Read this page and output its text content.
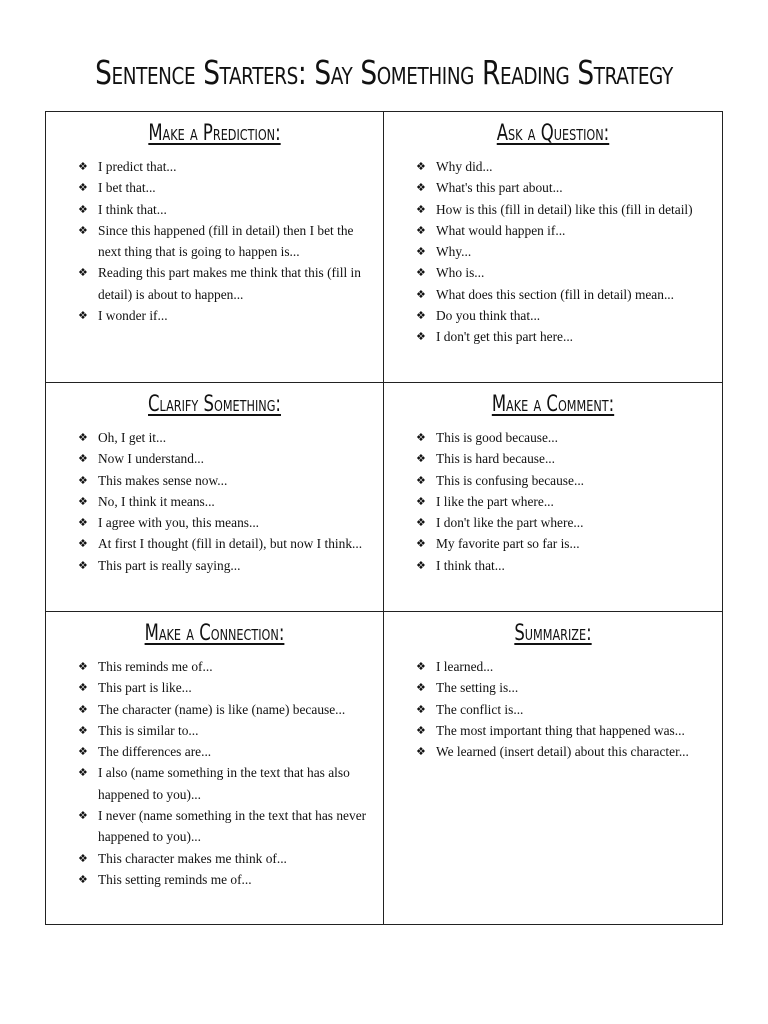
Sentence Starters: Say Something Reading Strategy
Make a Prediction:
❖ I predict that...
❖ I bet that...
❖ I think that...
❖ Since this happened (fill in detail) then I bet the next thing that is going to happen is...
❖ Reading this part makes me think that this (fill in detail) is about to happen...
❖ I wonder if...
Ask a Question:
❖ Why did...
❖ What's this part about...
❖ How is this (fill in detail) like this (fill in detail)
❖ What would happen if...
❖ Why...
❖ Who is...
❖ What does this section (fill in detail) mean...
❖ Do you think that...
❖ I don't get this part here...
Clarify Something:
❖ Oh, I get it...
❖ Now I understand...
❖ This makes sense now...
❖ No, I think it means...
❖ I agree with you, this means...
❖ At first I thought (fill in detail), but now I think...
❖ This part is really saying...
Make a Comment:
❖ This is good because...
❖ This is hard because...
❖ This is confusing because...
❖ I like the part where...
❖ I don't like the part where...
❖ My favorite part so far is...
❖ I think that...
Make a Connection:
❖ This reminds me of...
❖ This part is like...
❖ The character (name) is like (name) because...
❖ This is similar to...
❖ The differences are...
❖ I also (name something in the text that has also happened to you)...
❖ I never (name something in the text that has never happened to you)...
❖ This character makes me think of...
❖ This setting reminds me of...
Summarize:
❖ I learned...
❖ The setting is...
❖ The conflict is...
❖ The most important thing that happened was...
❖ We learned (insert detail) about this character...
